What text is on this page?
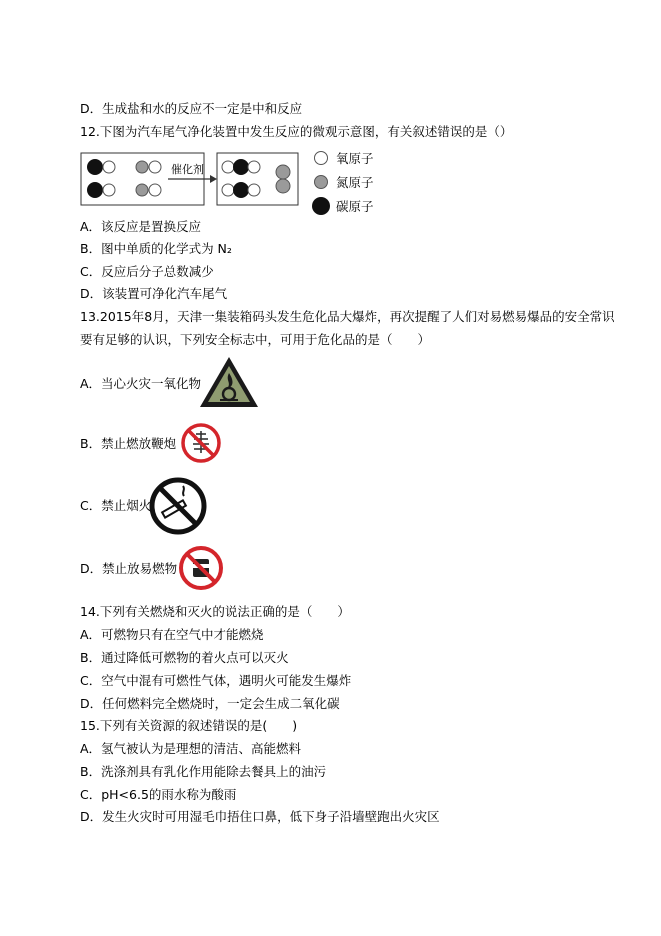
D．生成盐和水的反应不一定是中和反应
12.下图为汽车尾气净化装置中发生反应的微观示意图，有关叙述错误的是（）
催化剂
氧原子
氮原子
碳原子
A．该反应是置换反应
B．图中单质的化学式为 N₂
C．反应后分子总数减少
D．该装置可净化汽车尾气
13.2015年8月，天津一集装箱码头发生危化品大爆炸，再次提醒了人们对易燃易爆品的安全常识
要有足够的认识，下列安全标志中，可用于危化品的是（　　）
A．当心火灾一氧化物
B．禁止燃放鞭炮
C．禁止烟火
D．禁止放易燃物
14.下列有关燃烧和灭火的说法正确的是（　　）
A．可燃物只有在空气中才能燃烧
B．通过降低可燃物的着火点可以灭火
C．空气中混有可燃性气体，遇明火可能发生爆炸
D．任何燃料完全燃烧时，一定会生成二氧化碳
15.下列有关资源的叙述错误的是(　　)
A．氢气被认为是理想的清洁、高能燃料
B．洗涤剂具有乳化作用能除去餐具上的油污
C．pH<6.5的雨水称为酸雨
D．发生火灾时可用湿毛巾捂住口鼻，低下身子沿墙壁跑出火灾区
